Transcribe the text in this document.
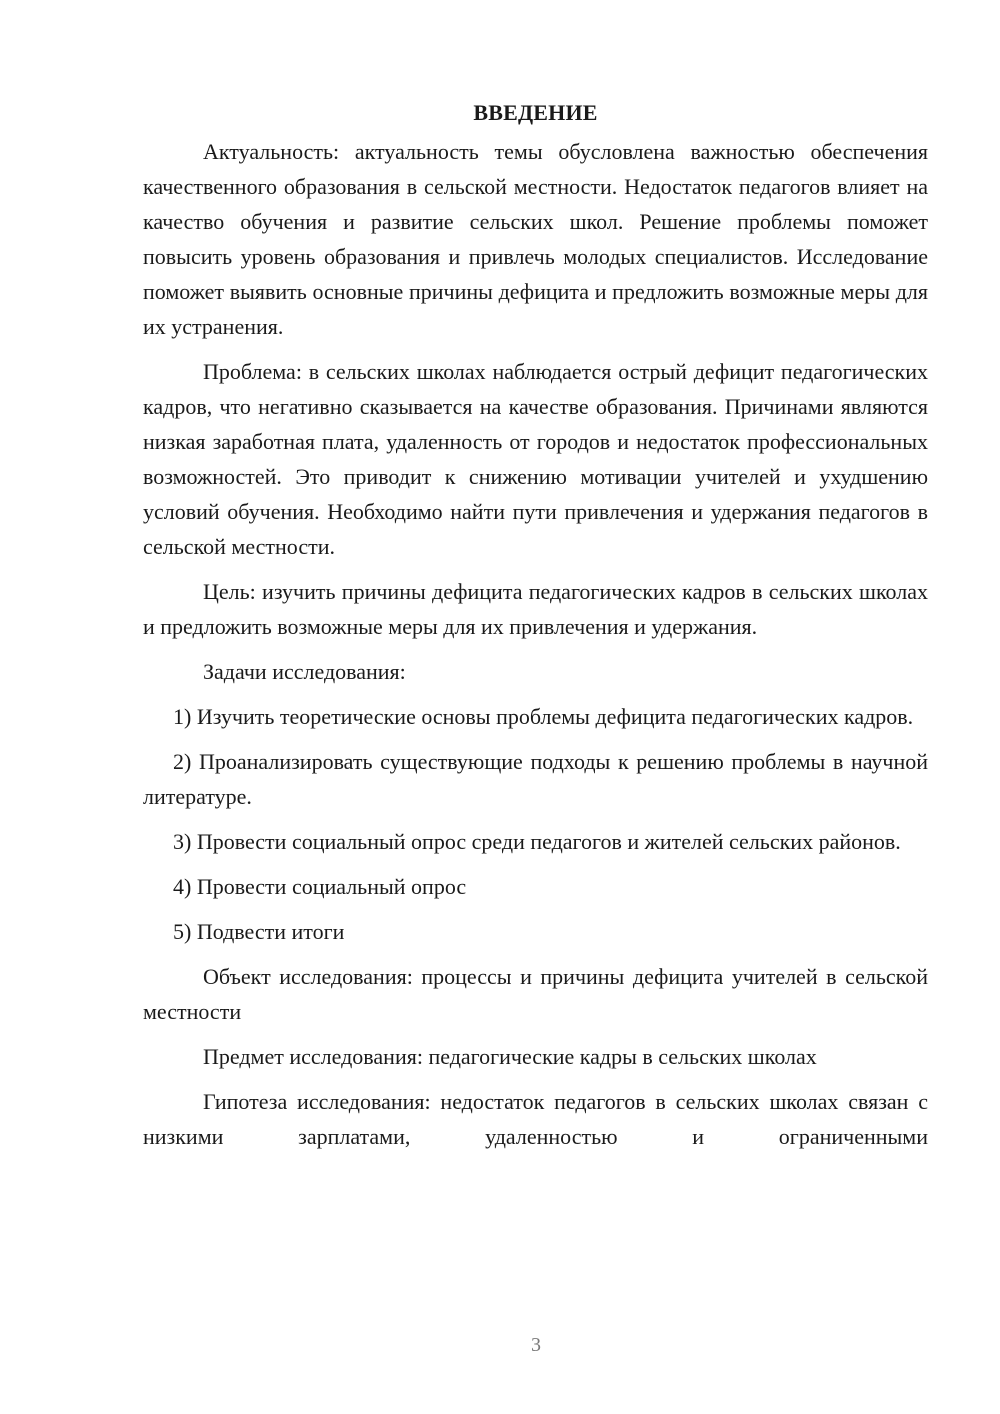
ВВЕДЕНИЕ

Актуальность: актуальность темы обусловлена важностью обеспечения качественного образования в сельской местности. Недостаток педагогов влияет на качество обучения и развитие сельских школ. Решение проблемы поможет повысить уровень образования и привлечь молодых специалистов. Исследование поможет выявить основные причины дефицита и предложить возможные меры для их устранения.

Проблема: в сельских школах наблюдается острый дефицит педагогических кадров, что негативно сказывается на качестве образования. Причинами являются низкая заработная плата, удаленность от городов и недостаток профессиональных возможностей. Это приводит к снижению мотивации учителей и ухудшению условий обучения. Необходимо найти пути привлечения и удержания педагогов в сельской местности.

Цель: изучить причины дефицита педагогических кадров в сельских школах и предложить возможные меры для их привлечения и удержания.

Задачи исследования:

1) Изучить теоретические основы проблемы дефицита педагогических кадров.

2) Проанализировать существующие подходы к решению проблемы в научной литературе.

3) Провести социальный опрос среди педагогов и жителей сельских районов.

4) Провести социальный опрос

5) Подвести итоги

Объект исследования: процессы и причины дефицита учителей в сельской местности

Предмет исследования: педагогические кадры в сельских школах

Гипотеза исследования: недостаток педагогов в сельских школах связан с низкими зарплатами, удаленностью и ограниченными

3
